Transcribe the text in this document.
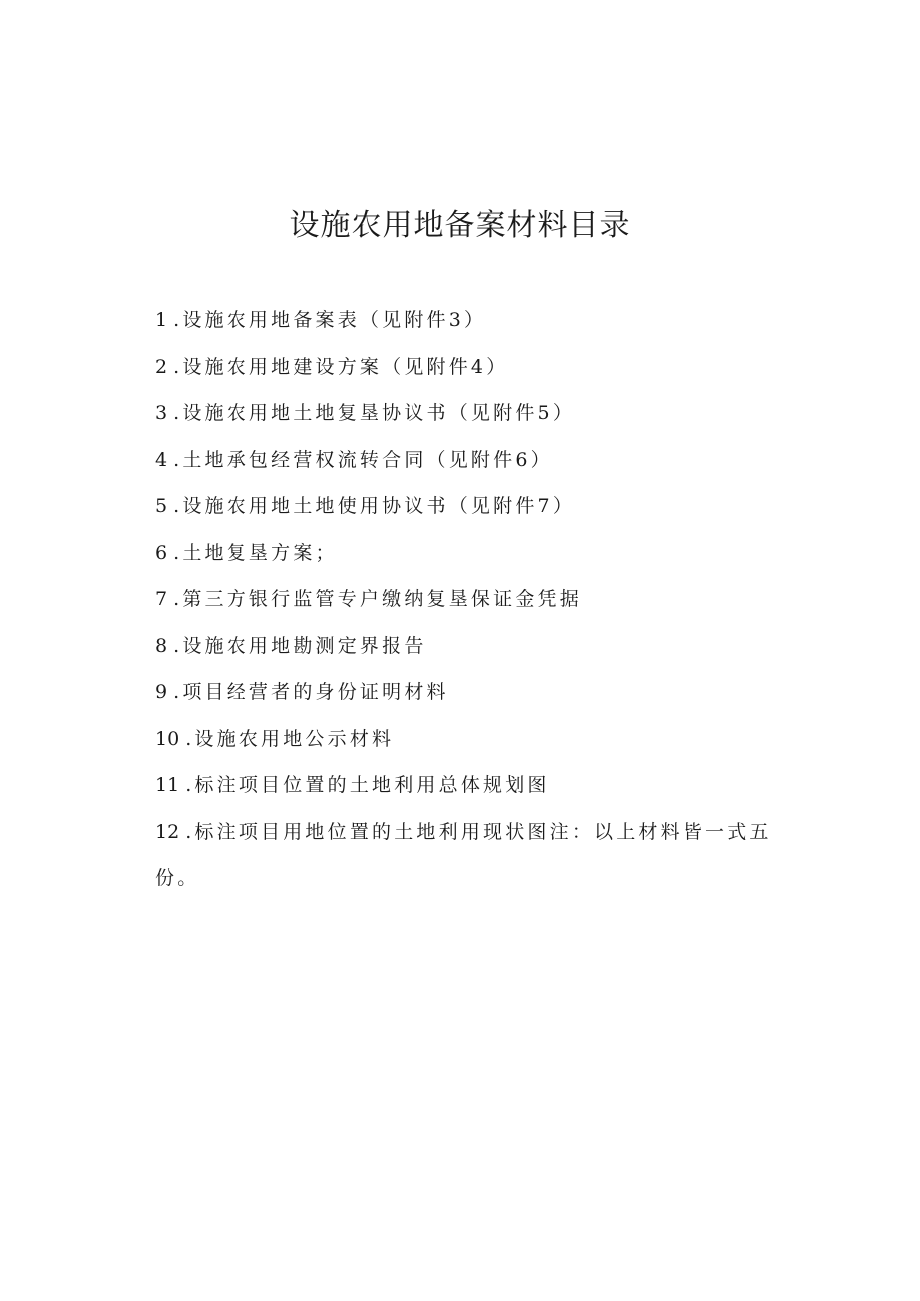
设施农用地备案材料目录
1 .设施农用地备案表（见附件3）
2 .设施农用地建设方案（见附件4）
3 .设施农用地土地复垦协议书（见附件5）
4 .土地承包经营权流转合同（见附件6）
5 .设施农用地土地使用协议书（见附件7）
6 .土地复垦方案；
7 .第三方银行监管专户缴纳复垦保证金凭据
8 .设施农用地勘测定界报告
9 .项目经营者的身份证明材料
10 .设施农用地公示材料
11 .标注项目位置的土地利用总体规划图
12 .标注项目用地位置的土地利用现状图注：以上材料皆一式五份。
